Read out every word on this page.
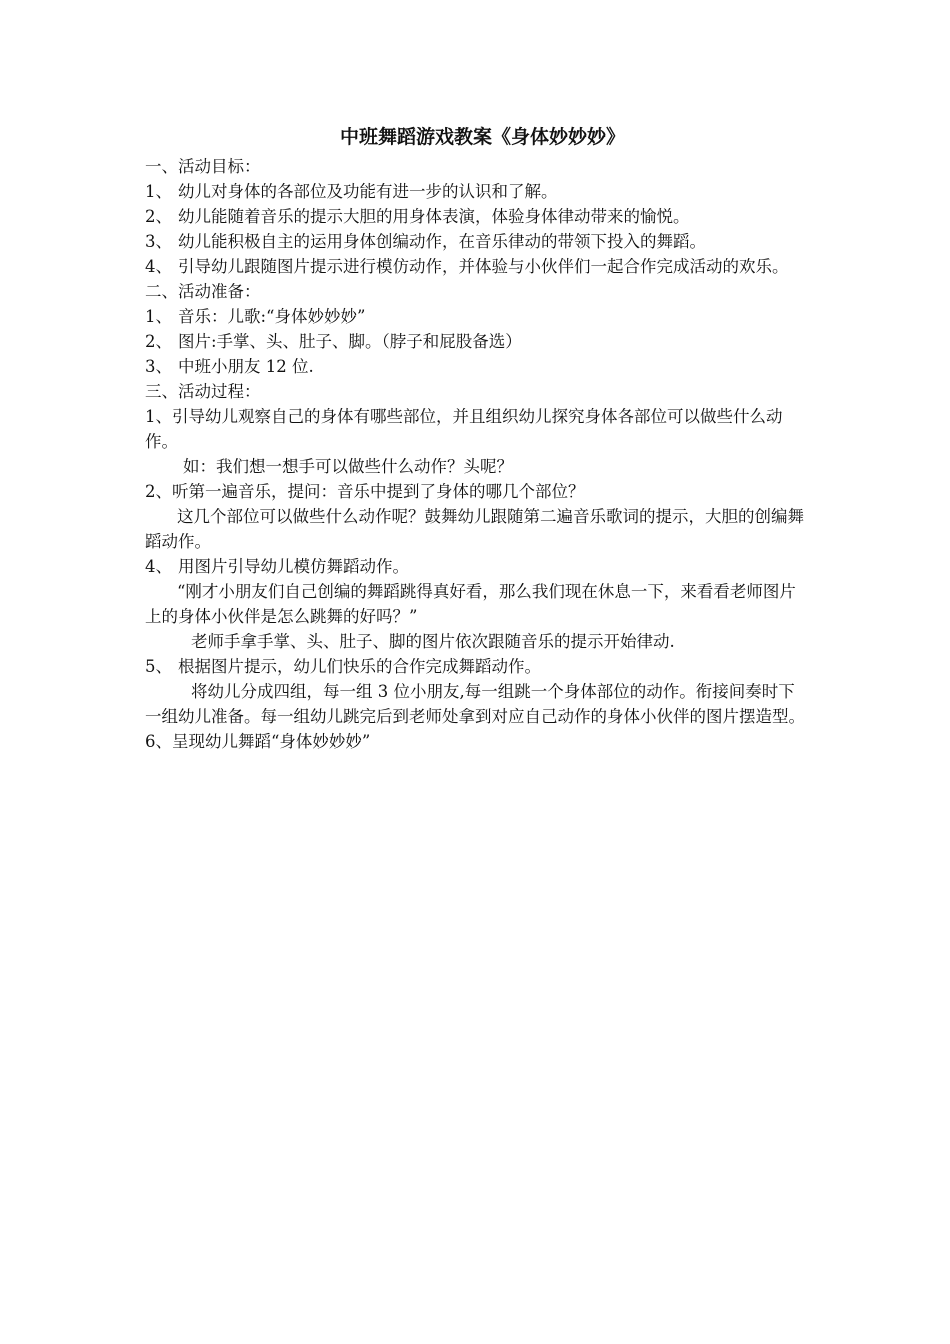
中班舞蹈游戏教案《身体妙妙妙》
一、活动目标：
1、 幼儿对身体的各部位及功能有进一步的认识和了解。
2、 幼儿能随着音乐的提示大胆的用身体表演，体验身体律动带来的愉悦。
3、 幼儿能积极自主的运用身体创编动作，在音乐律动的带领下投入的舞蹈。
4、 引导幼儿跟随图片提示进行模仿动作，并体验与小伙伴们一起合作完成活动的欢乐。
二、活动准备：
1、 音乐：儿歌:“身体妙妙妙”
2、 图片:手掌、头、肚子、脚。（脖子和屁股备选）
3、 中班小朋友 12 位.
三、活动过程：
1、引导幼儿观察自己的身体有哪些部位，并且组织幼儿探究身体各部位可以做些什么动作。
如：我们想一想手可以做些什么动作？头呢？
2、听第一遍音乐，提问：音乐中提到了身体的哪几个部位？
这几个部位可以做些什么动作呢？鼓舞幼儿跟随第二遍音乐歌词的提示，大胆的创编舞蹈动作。
4、 用图片引导幼儿模仿舞蹈动作。
“刚才小朋友们自己创编的舞蹈跳得真好看，那么我们现在休息一下，来看看老师图片上的身体小伙伴是怎么跳舞的好吗？”
老师手拿手掌、头、肚子、脚的图片依次跟随音乐的提示开始律动.
5、 根据图片提示，幼儿们快乐的合作完成舞蹈动作。
将幼儿分成四组，每一组 3 位小朋友,每一组跳一个身体部位的动作。衔接间奏时下一组幼儿准备。每一组幼儿跳完后到老师处拿到对应自己动作的身体小伙伴的图片摆造型。
6、呈现幼儿舞蹈“身体妙妙妙”
